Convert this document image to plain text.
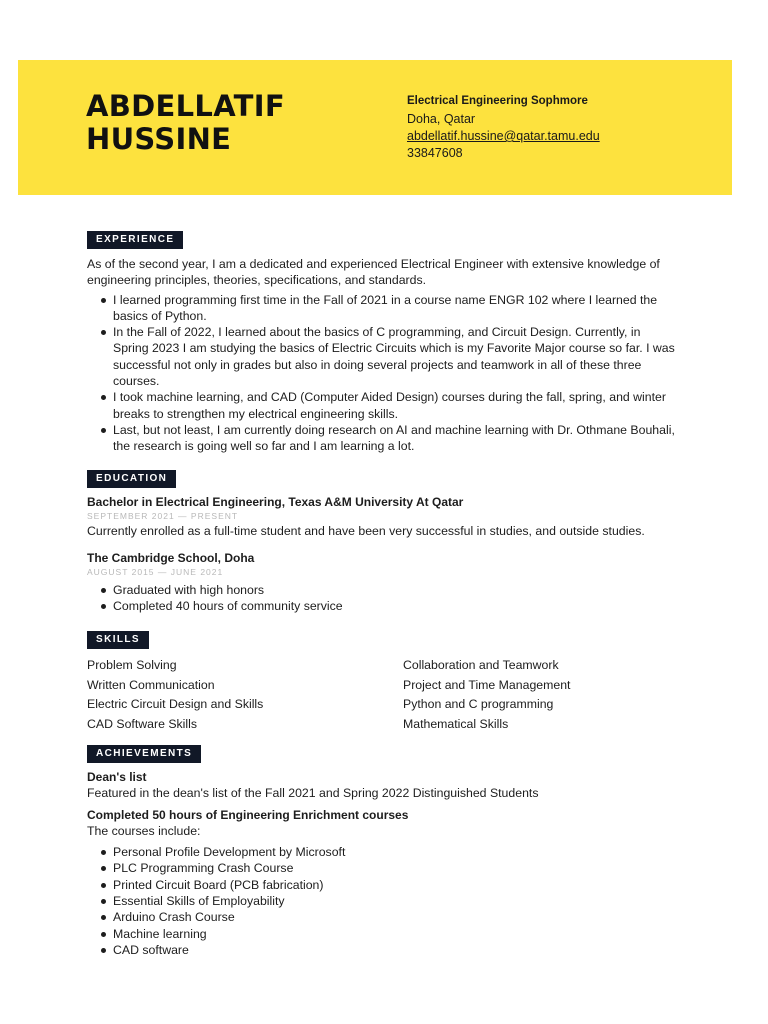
ABDELLATIF
HUSSINE
Electrical Engineering Sophmore
Doha, Qatar
abdellatif.hussine@qatar.tamu.edu
33847608
EXPERIENCE
As of the second year, I am a dedicated and experienced Electrical Engineer with extensive knowledge of engineering principles, theories, specifications, and standards.
I learned programming first time in the Fall of 2021 in a course name ENGR 102 where I learned the basics of Python.
In the Fall of 2022, I learned about the basics of C programming, and Circuit Design. Currently, in Spring 2023 I am studying the basics of Electric Circuits which is my Favorite Major course so far. I was successful not only in grades but also in doing several projects and teamwork in all of these three courses.
I took machine learning, and CAD (Computer Aided Design) courses during the fall, spring, and winter breaks to strengthen my electrical engineering skills.
Last, but not least, I am currently doing research on AI and machine learning with Dr. Othmane Bouhali, the research is going well so far and I am learning a lot.
EDUCATION
Bachelor in Electrical Engineering, Texas A&M University At Qatar
SEPTEMBER 2021 — PRESENT
Currently enrolled as a full-time student and have been very successful in studies, and outside studies.
The Cambridge School, Doha
AUGUST 2015 — JUNE 2021
Graduated with high honors
Completed 40 hours of community service
SKILLS
Problem Solving
Written Communication
Electric Circuit Design and Skills
CAD Software Skills
Collaboration and Teamwork
Project and Time Management
Python and C programming
Mathematical Skills
ACHIEVEMENTS
Dean's list
Featured in the dean's list of the Fall 2021 and Spring 2022 Distinguished Students
Completed 50 hours of Engineering Enrichment courses
The courses include:
Personal Profile Development by Microsoft
PLC Programming Crash Course
Printed Circuit Board (PCB fabrication)
Essential Skills of Employability
Arduino Crash Course
Machine learning
CAD software
